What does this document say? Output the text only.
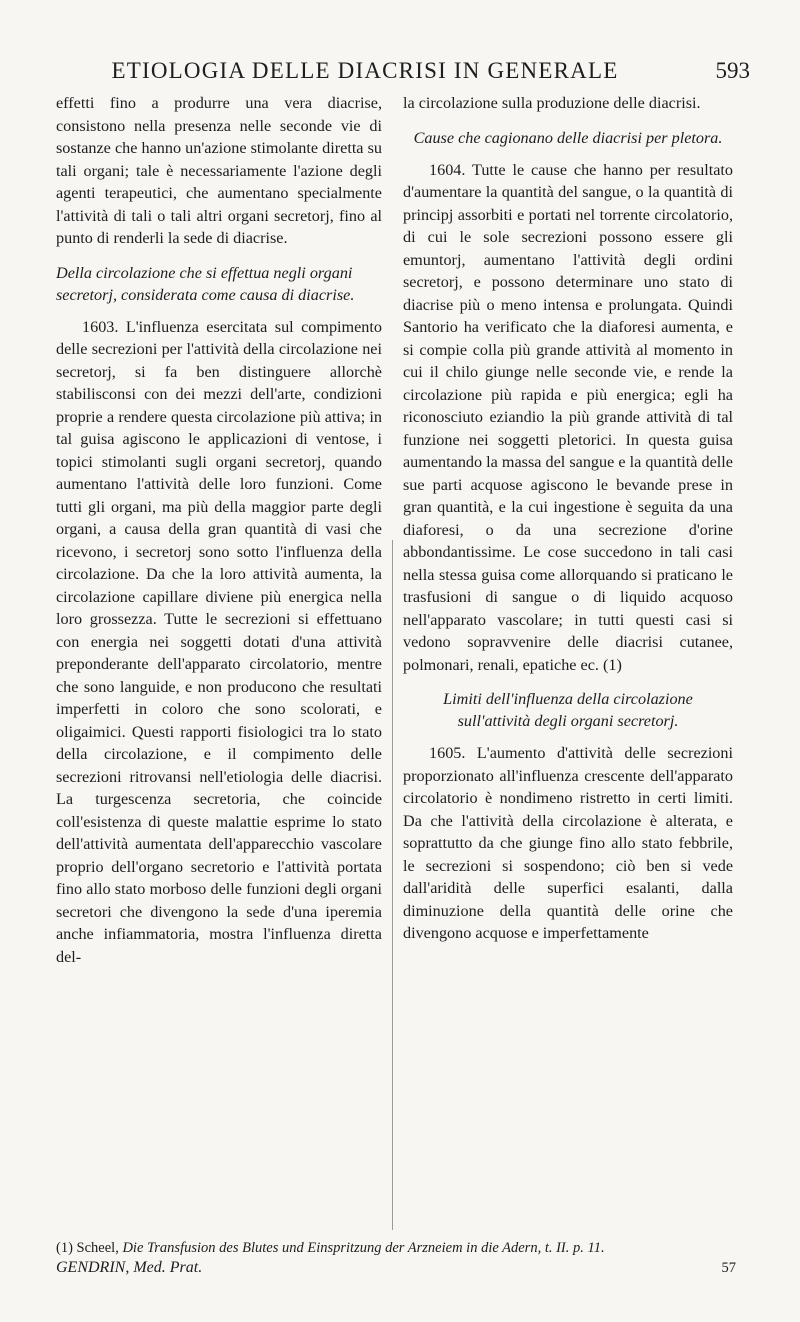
ETIOLOGIA DELLE DIACRISI IN GENERALE	593

effetti fino a produrre una vera diacrise, consistono nella presenza nelle seconde vie di sostanze che hanno un'azione stimolante diretta su tali organi; tale è necessariamente l'azione degli agenti terapeutici, che aumentano specialmente l'attività di tali o tali altri organi secretorj, fino al punto di renderli la sede di diacrise.

Della circolazione che si effettua negli organi secretorj, considerata come causa di diacrise.

1603. L'influenza esercitata sul compimento delle secrezioni per l'attività della circolazione nei secretorj, si fa ben distinguere allorchè stabilisconsi con dei mezzi dell'arte, condizioni proprie a rendere questa circolazione più attiva; in tal guisa agiscono le applicazioni di ventose, i topici stimolanti sugli organi secretorj, quando aumentano l'attività delle loro funzioni. Come tutti gli organi, ma più della maggior parte degli organi, a causa della gran quantità di vasi che ricevono, i secretorj sono sotto l'influenza della circolazione. Da che la loro attività aumenta, la circolazione capillare diviene più energica nella loro grossezza. Tutte le secrezioni si effettuano con energia nei soggetti dotati d'una attività preponderante dell'apparato circolatorio, mentre che sono languide, e non producono che resultati imperfetti in coloro che sono scolorati, e oligaimici. Questi rapporti fisiologici tra lo stato della circolazione, e il compimento delle secrezioni ritrovansi nell'etiologia delle diacrisi. La turgescenza secretoria, che coincide coll'esistenza di queste malattie esprime lo stato dell'attività aumentata dell'apparecchio vascolare proprio dell'organo secretorio e l'attività portata fino allo stato morboso delle funzioni degli organi secretori che divengono la sede d'una iperemia anche infiammatoria, mostra l'influenza diretta del-

la circolazione sulla produzione delle diacrisi.

Cause che cagionano delle diacrisi per pletora.

1604. Tutte le cause che hanno per resultato d'aumentare la quantità del sangue, o la quantità di principj assorbiti e portati nel torrente circolatorio, di cui le sole secrezioni possono essere gli emuntorj, aumentano l'attività degli ordini secretorj, e possono determinare uno stato di diacrise più o meno intensa e prolungata. Quindi Santorio ha verificato che la diaforesi aumenta, e si compie colla più grande attività al momento in cui il chilo giunge nelle seconde vie, e rende la circolazione più rapida e più energica; egli ha riconosciuto eziandio la più grande attività di tal funzione nei soggetti pletorici. In questa guisa aumentando la massa del sangue e la quantità delle sue parti acquose agiscono le bevande prese in gran quantità, e la cui ingestione è seguita da una diaforesi, o da una secrezione d'orine abbondantissime. Le cose succedono in tali casi nella stessa guisa come allorquando si praticano le trasfusioni di sangue o di liquido acquoso nell'apparato vascolare; in tutti questi casi si vedono sopravvenire delle diacrisi cutanee, polmonari, renali, epatiche ec. (1)

Limiti dell'influenza della circolazione sull'attività degli organi secretorj.

1605. L'aumento d'attività delle secrezioni proporzionato all'influenza crescente dell'apparato circolatorio è nondimeno ristretto in certi limiti. Da che l'attività della circolazione è alterata, e soprattutto da che giunge fino allo stato febbrile, le secrezioni si sospendono; ciò ben si vede dall'aridità delle superfici esalanti, dalla diminuzione della quantità delle orine che divengono acquose e imperfettamente

(1) Scheel, Die Transfusion des Blutes und Einspritzung der Arzneiem in die Adern, t. II. p. 11.
GENDRIN, Med. Prat.	57
